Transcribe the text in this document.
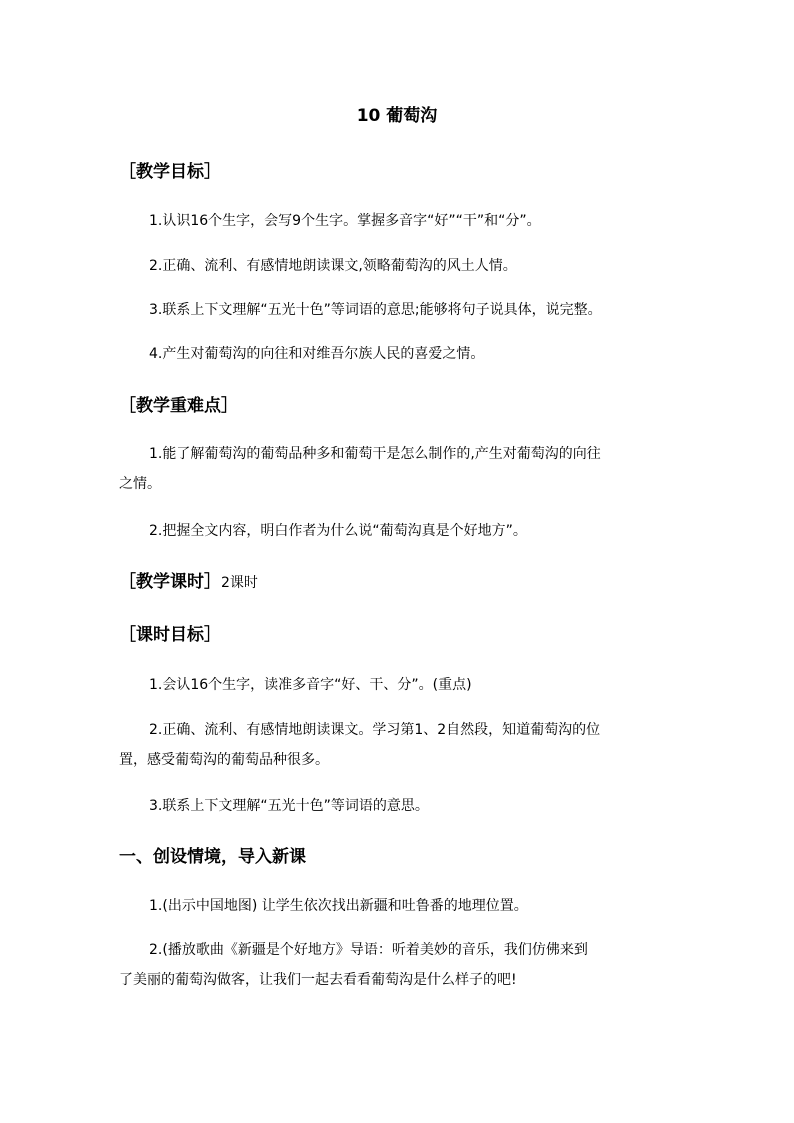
10 葡萄沟
［教学目标］
1.认识16个生字，会写9个生字。掌握多音字“好”“干”和“分”。
2.正确、流利、有感情地朗读课文,领略葡萄沟的风土人情。
3.联系上下文理解“五光十色”等词语的意思;能够将句子说具体，说完整。
4.产生对葡萄沟的向往和对维吾尔族人民的喜爱之情。
［教学重难点］
1.能了解葡萄沟的葡萄品种多和葡萄干是怎么制作的,产生对葡萄沟的向往
之情。
2.把握全文内容，明白作者为什么说“葡萄沟真是个好地方”。
［教学课时］2课时
［课时目标］
1.会认16个生字，读准多音字“好、干、分”。(重点)
2.正确、流利、有感情地朗读课文。学习第1、2自然段，知道葡萄沟的位
置，感受葡萄沟的葡萄品种很多。
3.联系上下文理解“五光十色”等词语的意思。
一、创设情境，导入新课
1.(出示中国地图) 让学生依次找出新疆和吐鲁番的地理位置。
2.(播放歌曲《新疆是个好地方》导语：听着美妙的音乐，我们仿佛来到
了美丽的葡萄沟做客，让我们一起去看看葡萄沟是什么样子的吧!
